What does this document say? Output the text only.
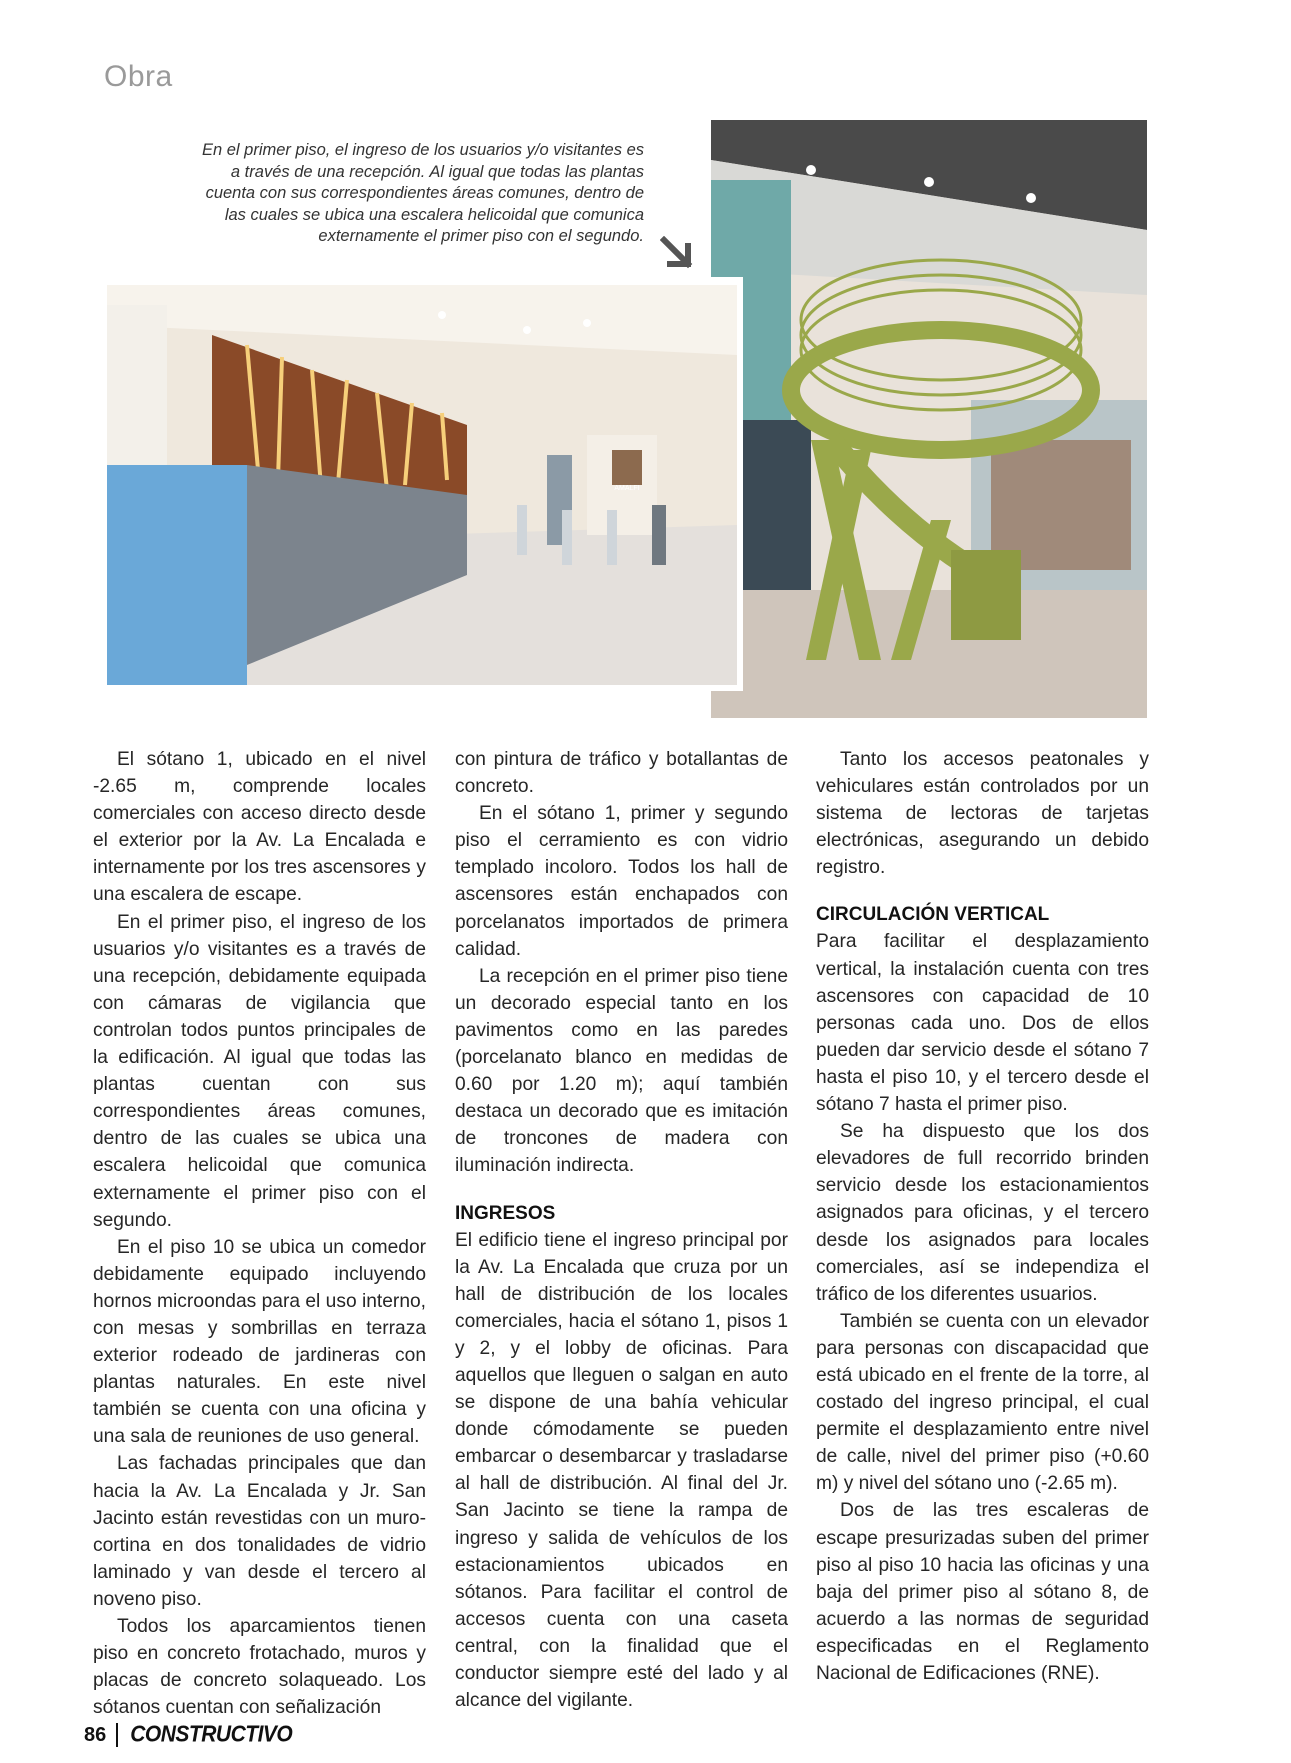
Obra
En el primer piso, el ingreso de los usuarios y/o visitantes es a través de una recepción. Al igual que todas las plantas cuenta con sus correspondientes áreas comunes, dentro de las cuales se ubica una escalera helicoidal que comunica externamente el primer piso con el segundo.
AMALFI

El sótano 1, ubicado en el nivel -2.65 m, comprende locales comerciales con acceso directo desde el exterior por la Av. La Encalada e internamente por los tres ascensores y una escalera de escape.

En el primer piso, el ingreso de los usuarios y/o visitantes es a través de una recepción, debidamente equipada con cámaras de vigilancia que controlan todos puntos principales de la edificación. Al igual que todas las plantas cuentan con sus correspondientes áreas comunes, dentro de las cuales se ubica una escalera helicoidal que comunica externamente el primer piso con el segundo.

En el piso 10 se ubica un comedor debidamente equipado incluyendo hornos microondas para el uso interno, con mesas y sombrillas en terraza exterior rodeado de jardineras con plantas naturales. En este nivel también se cuenta con una oficina y una sala de reuniones de uso general.

Las fachadas principales que dan hacia la Av. La Encalada y Jr. San Jacinto están revestidas con un muro-cortina en dos tonalidades de vidrio laminado y van desde el tercero al noveno piso.

Todos los aparcamientos tienen piso en concreto frotachado, muros y placas de concreto solaqueado. Los sótanos cuentan con señalización

con pintura de tráfico y botallantas de concreto.

En el sótano 1, primer y segundo piso el cerramiento es con vidrio templado incoloro. Todos los hall de ascensores están enchapados con porcelanatos importados de primera calidad.

La recepción en el primer piso tiene un decorado especial tanto en los pavimentos como en las paredes (porcelanato blanco en medidas de 0.60 por 1.20 m); aquí también destaca un decorado que es imitación de troncones de madera con iluminación indirecta.

INGRESOS

El edificio tiene el ingreso principal por la Av. La Encalada que cruza por un hall de distribución de los locales comerciales, hacia el sótano 1, pisos 1 y 2, y el lobby de oficinas. Para aquellos que lleguen o salgan en auto se dispone de una bahía vehicular donde cómodamente se pueden embarcar o desembarcar y trasladarse al hall de distribución. Al final del Jr. San Jacinto se tiene la rampa de ingreso y salida de vehículos de los estacionamientos ubicados en sótanos. Para facilitar el control de accesos cuenta con una caseta central, con la finalidad que el conductor siempre esté del lado y al alcance del vigilante.

Tanto los accesos peatonales y vehiculares están controlados por un sistema de lectoras de tarjetas electrónicas, asegurando un debido registro.

CIRCULACIÓN VERTICAL

Para facilitar el desplazamiento vertical, la instalación cuenta con tres ascensores con capacidad de 10 personas cada uno. Dos de ellos pueden dar servicio desde el sótano 7 hasta el piso 10, y el tercero desde el sótano 7 hasta el primer piso.

Se ha dispuesto que los dos elevadores de full recorrido brinden servicio desde los estacionamientos asignados para oficinas, y el tercero desde los asignados para locales comerciales, así se independiza el tráfico de los diferentes usuarios.

También se cuenta con un elevador para personas con discapacidad que está ubicado en el frente de la torre, al costado del ingreso principal, el cual permite el desplazamiento entre nivel de calle, nivel del primer piso (+0.60 m) y nivel del sótano uno (-2.65 m).

Dos de las tres escaleras de escape presurizadas suben del primer piso al piso 10 hacia las oficinas y una baja del primer piso al sótano 8, de acuerdo a las normas de seguridad especificadas en el Reglamento Nacional de Edificaciones (RNE).

86 CONSTRUCTIVO
